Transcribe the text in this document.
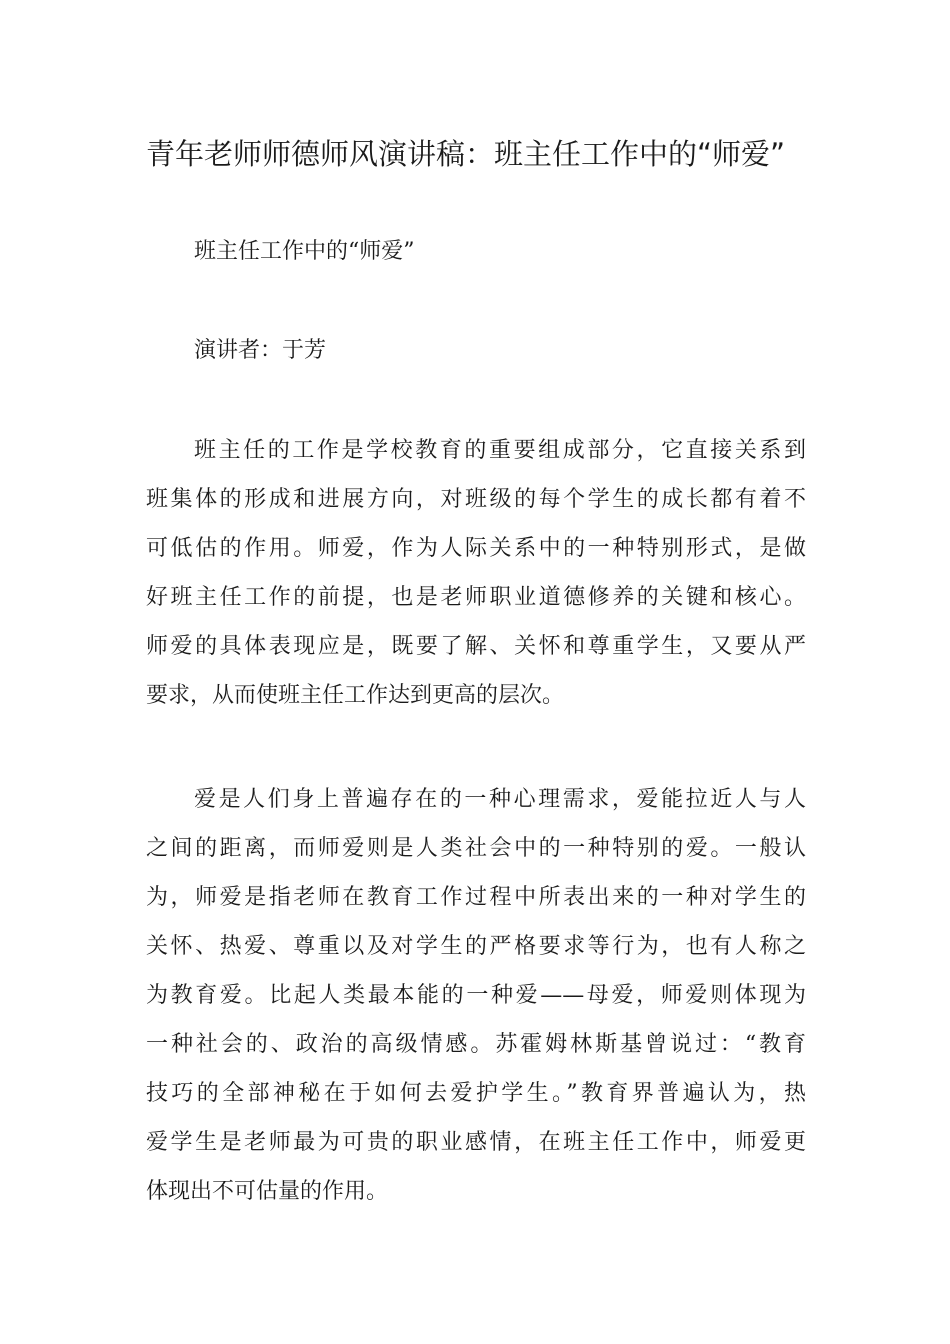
青年老师师德师风演讲稿：班主任工作中的“师爱”

班主任工作中的“师爱”

演讲者：于芳

班主任的工作是学校教育的重要组成部分，它直接关系到
班集体的形成和进展方向，对班级的每个学生的成长都有着不
可低估的作用。师爱，作为人际关系中的一种特别形式，是做
好班主任工作的前提，也是老师职业道德修养的关键和核心。
师爱的具体表现应是，既要了解、关怀和尊重学生，又要从严
要求，从而使班主任工作达到更高的层次。
爱是人们身上普遍存在的一种心理需求，爱能拉近人与人
之间的距离，而师爱则是人类社会中的一种特别的爱。一般认
为，师爱是指老师在教育工作过程中所表出来的一种对学生的
关怀、热爱、尊重以及对学生的严格要求等行为，也有人称之
为教育爱。比起人类最本能的一种爱——母爱，师爱则体现为
一种社会的、政治的高级情感。苏霍姆林斯基曾说过：“教育
技巧的全部神秘在于如何去爱护学生。”教育界普遍认为，热
爱学生是老师最为可贵的职业感情，在班主任工作中，师爱更
体现出不可估量的作用。
